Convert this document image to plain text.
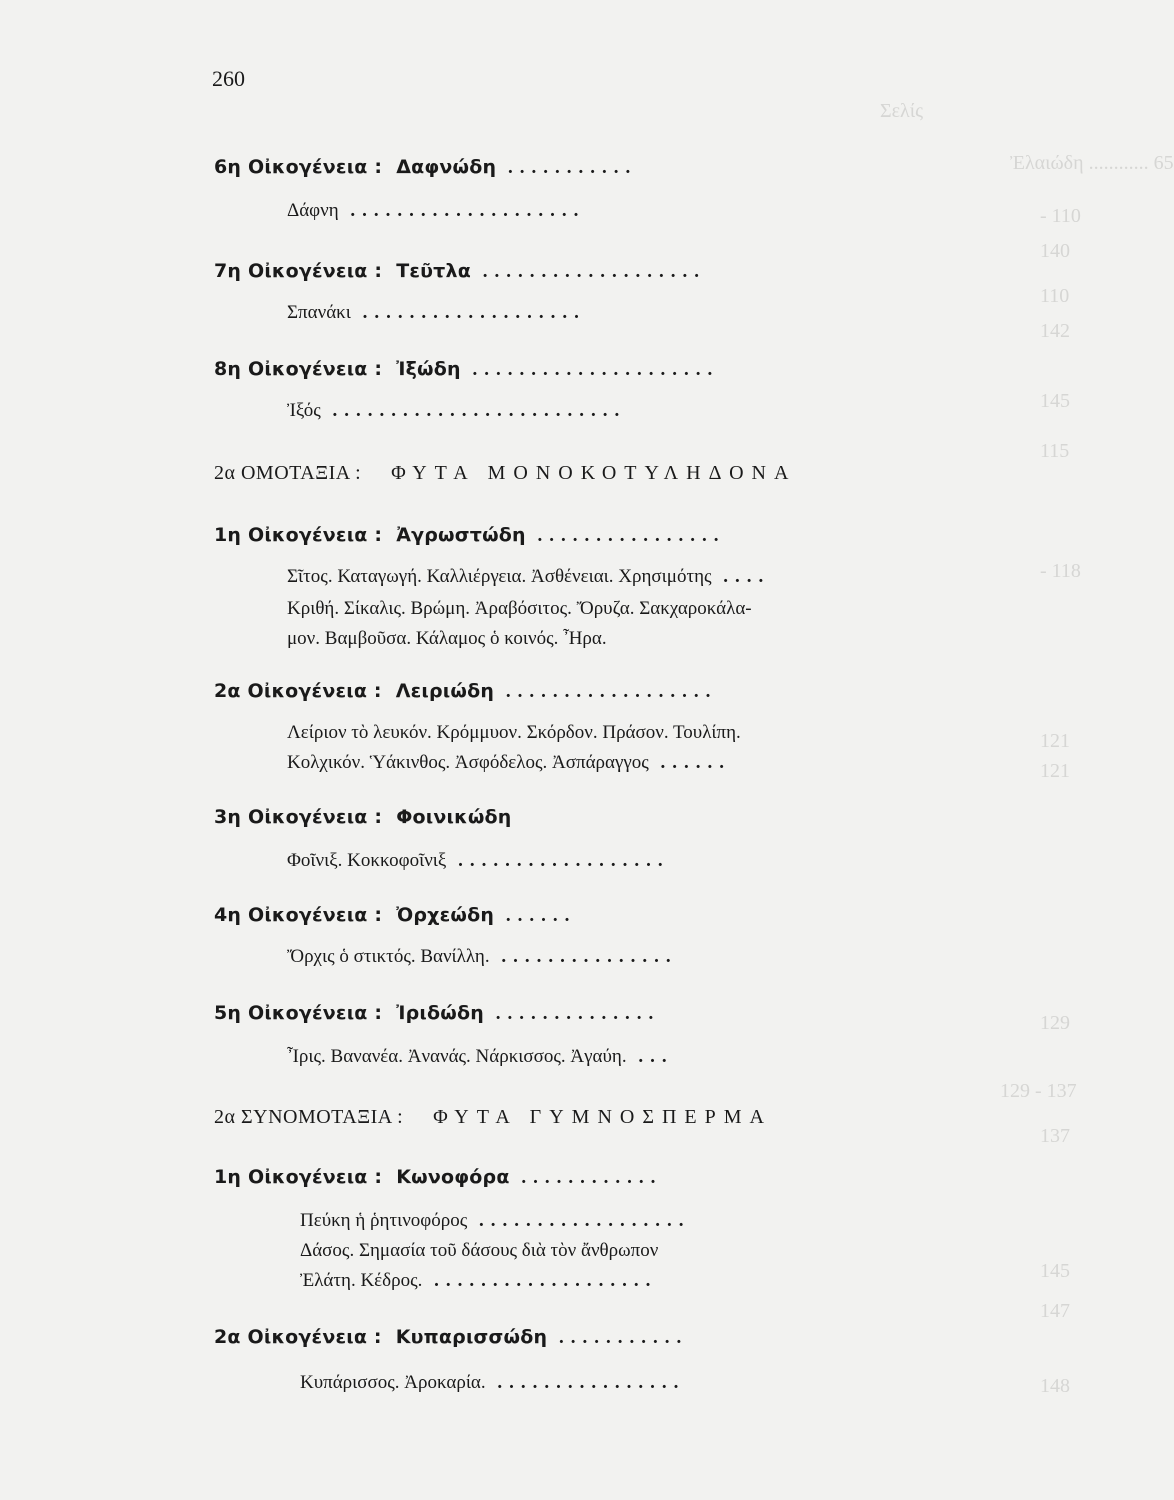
Σελίς
Ἐλαιώδη ............ 65
- 110
140
110
142
145
115
- 118
121
121
129
129 - 137
137
145
147
148
260
6η Οἰκογένεια : Δαφνώδη ...........
Δάφνη ....................
7η Οἰκογένεια : Τεῦτλα ...................
Σπανάκι ...................
8η Οἰκογένεια : Ἰξώδη .....................
Ἰξός .........................
2α ΟΜΟΤΑΞΙΑ : ΦΥΤΑ ΜΟΝΟΚΟΤΥΛΗΔΟΝΑ
1η Οἰκογένεια : Ἀγρωστώδη ................
Σῖτος. Καταγωγή. Καλλιέργεια. Ἀσθένειαι. Χρησιμότης ....
Κριθή. Σίκαλις. Βρώμη. Ἀραβόσιτος. Ὄρυζα. Σακχαροκάλα-
μον. Βαμβοῦσα. Κάλαμος ὁ κοινός. Ἦρα.
2α Οἰκογένεια : Λειριώδη ..................
Λείριον τὸ λευκόν. Κρόμμυον. Σκόρδον. Πράσον. Τουλίπη.
Κολχικόν. Ὑάκινθος. Ἀσφόδελος. Ἀσπάραγγος ......
3η Οἰκογένεια : Φοινικώδη
Φοῖνιξ. Κοκκοφοῖνιξ ..................
4η Οἰκογένεια : Ὀρχεώδη ......
Ὄρχις ὁ στικτός. Βανίλλη. ...............
5η Οἰκογένεια : Ἰριδώδη ..............
Ἶρις. Βανανέα. Ἀνανάς. Νάρκισσος. Ἀγαύη. ...
2α ΣΥΝΟΜΟΤΑΞΙΑ : ΦΥΤΑ ΓΥΜΝΟΣΠΕΡΜΑ
1η Οἰκογένεια : Κωνοφόρα ............
Πεύκη ἡ ῥητινοφόρος ..................
Δάσος. Σημασία τοῦ δάσους διὰ τὸν ἄνθρωπον
Ἐλάτη. Κέδρος. ...................
2α Οἰκογένεια : Κυπαρισσώδη ...........
Κυπάρισσος. Ἀροκαρία. ................
